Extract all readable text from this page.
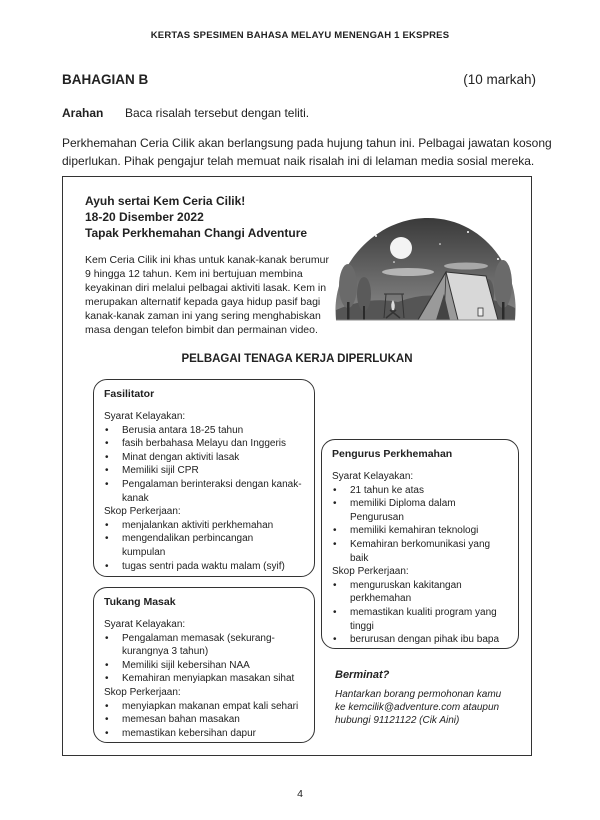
KERTAS SPESIMEN BAHASA MELAYU MENENGAH 1 EKSPRES
BAHAGIAN B	(10 markah)
Arahan Baca risalah tersebut dengan teliti.
Perkhemahan Ceria Cilik akan berlangsung pada hujung tahun ini. Pelbagai jawatan kosong
diperlukan. Pihak pengajur telah memuat naik risalah ini di lelaman media sosial mereka.
Ayuh sertai Kem Ceria Cilik!
18-20 Disember 2022
Tapak Perkhemahan Changi Adventure
Kem Ceria Cilik ini khas untuk kanak-kanak berumur
9 hingga 12 tahun. Kem ini bertujuan membina
keyakinan diri melalui pelbagai aktiviti lasak. Kem in
merupakan alternatif kepada gaya hidup pasif bagi
kanak-kanak zaman ini yang sering menghabiskan
masa dengan telefon bimbit dan permainan video.
PELBAGAI TENAGA KERJA DIPERLUKAN
Fasilitator
Syarat Kelayakan:
• Berusia antara 18-25 tahun
• fasih berbahasa Melayu dan Inggeris
• Minat dengan aktiviti lasak
• Memiliki sijil CPR
• Pengalaman berinteraksi dengan kanak-
kanak
Skop Perkerjaan:
• menjalankan aktiviti perkhemahan
• mengendalikan perbincangan
kumpulan
• tugas sentri pada waktu malam (syif)
Pengurus Perkhemahan
Syarat Kelayakan:
• 21 tahun ke atas
• memiliki Diploma dalam
Pengurusan
• memiliki kemahiran teknologi
• Kemahiran berkomunikasi yang
baik
Skop Perkerjaan:
• menguruskan kakitangan
perkhemahan
• memastikan kualiti program yang
tinggi
• berurusan dengan pihak ibu bapa
Tukang Masak
Syarat Kelayakan:
• Pengalaman memasak (sekurang-
kurangnya 3 tahun)
• Memiliki sijil kebersihan NAA
• Kemahiran menyiapkan masakan sihat
Skop Perkerjaan:
• menyiapkan makanan empat kali sehari
• memesan bahan masakan
• memastikan kebersihan dapur
Berminat?
Hantarkan borang permohonan kamu
ke kemcilik@adventure.com ataupun
hubungi 91121122 (Cik Aini)
4
